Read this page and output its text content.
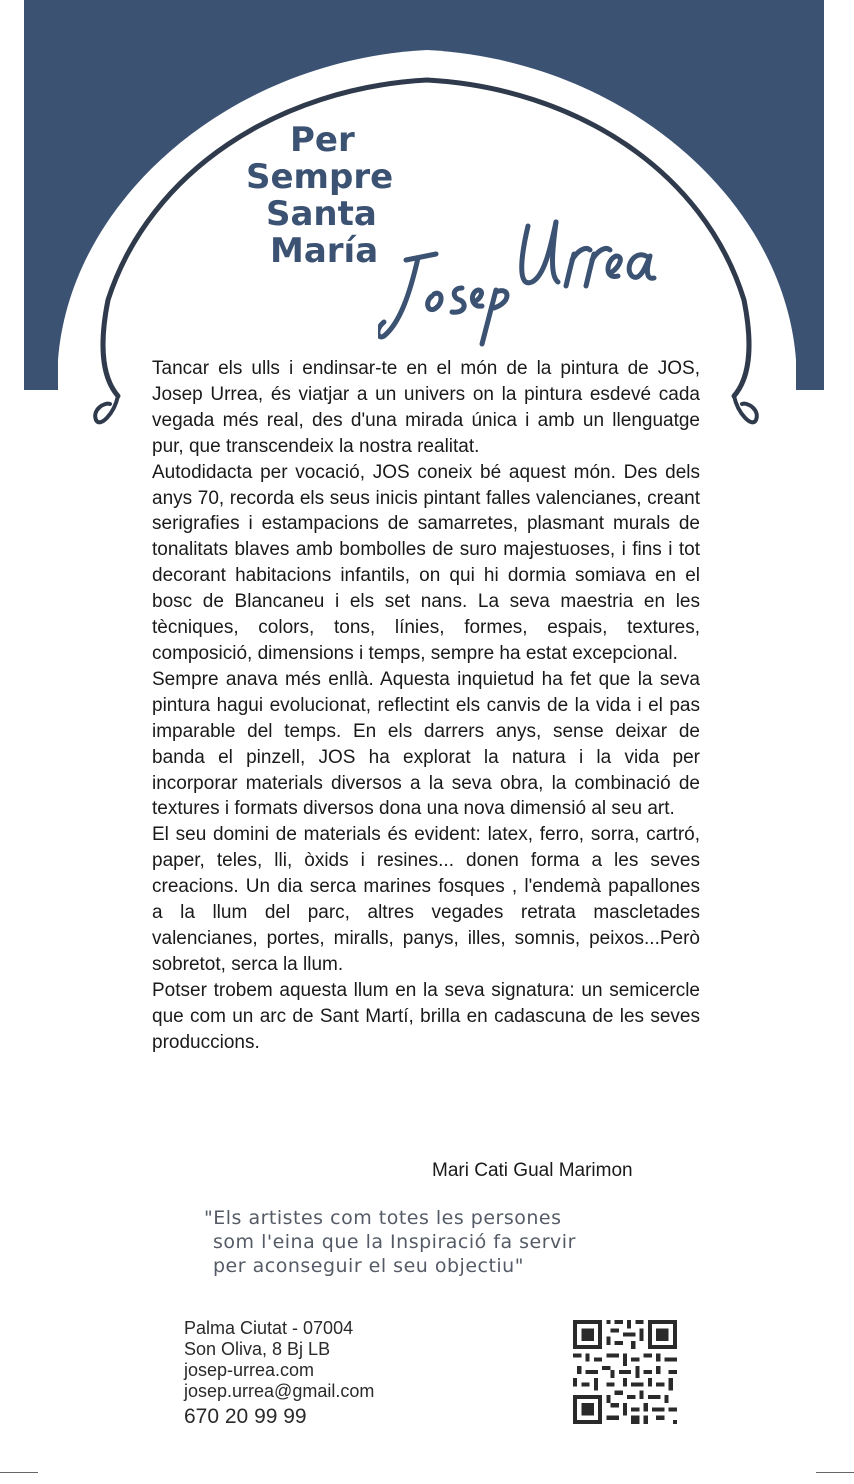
Per
Sempre
Santa
María

Tancar els ulls i endinsar-te en el món de la pintura de JOS, Josep Urrea, és viatjar a un univers on la pintura esdevé cada vegada més real, des d'una mirada única i amb un llenguatge pur, que transcendeix la nostra realitat.

Autodidacta per vocació, JOS coneix bé aquest món. Des dels anys 70, recorda els seus inicis pintant falles valencianes, creant serigrafies i estampacions de samarretes, plasmant murals de tonalitats blaves amb bombolles de suro majestuoses, i fins i tot decorant habitacions infantils, on qui hi dormia somiava en el bosc de Blancaneu i els set nans. La seva maestria en les tècniques, colors, tons, línies, formes, espais, textures, composició, dimensions i temps, sempre ha estat excepcional.

Sempre anava més enllà. Aquesta inquietud ha fet que la seva pintura hagui evolucionat, reflectint els canvis de la vida i el pas imparable del temps. En els darrers anys, sense deixar de banda el pinzell, JOS ha explorat la natura i la vida per incorporar materials diversos a la seva obra, la combinació de textures i formats diversos dona una nova dimensió al seu art.

El seu domini de materials és evident: latex, ferro, sorra, cartró, paper, teles, lli, òxids i resines... donen forma a les seves creacions. Un dia serca marines fosques , l'endemà papallones a la llum del parc, altres vegades retrata mascletades valencianes, portes, miralls, panys, illes, somnis, peixos...Però sobretot, serca la llum.

Potser trobem aquesta llum en la seva signatura: un semicercle que com un arc de Sant Martí, brilla en cadascuna de les seves produccions.

Mari Cati Gual Marimon
"Els artistes com totes les persones
som l'eina que la Inspiració fa servir
per aconseguir el seu objectiu"
Palma Ciutat - 07004
Son Oliva, 8 Bj LB
josep-urrea.com
josep.urrea@gmail.com
670 20 99 99
